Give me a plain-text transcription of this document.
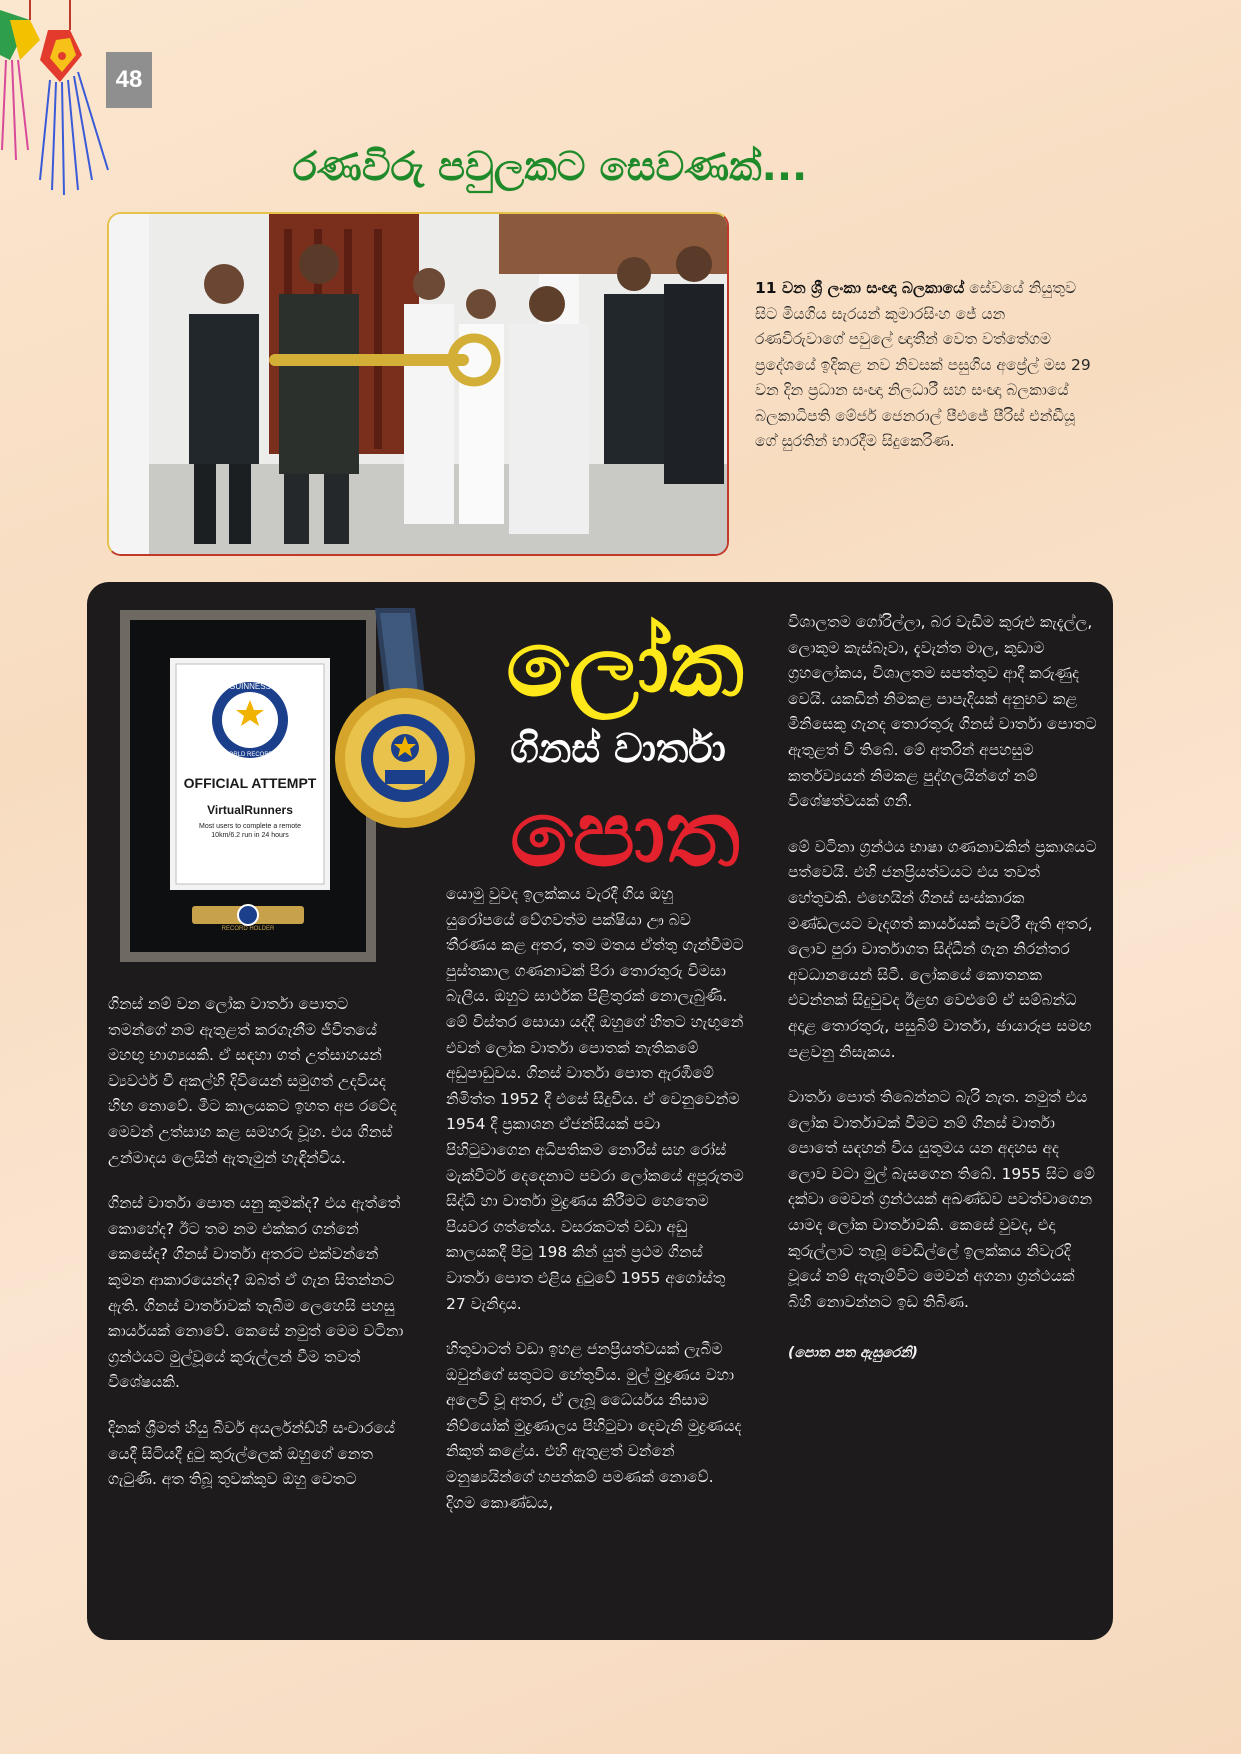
48
රණවිරු පවුලකට සෙවණක්...
11 වන ශ්‍රී ලංකා සංඥා බලකායේ සේවයේ නියුතුව සිට මියගිය සැරයන් කුමාරසිංහ ජේ යන රණවිරුවාගේ පවුලේ ඥාතීන් වෙත වත්තේගම ප්‍රදේශයේ ඉදිකළ නව නිවසක් පසුගිය අප්‍රේල් මස 29 වන දින ප්‍රධාන සංඥා නිලධාරී සහ සංඥා බලකායේ බලකාධිපති මේජර් ජෙනරාල් පීඑජේ පීරිස් එන්ඩීයූ ගේ සුරතින් භාරදීම සිදුකෙරිණ.
GUINNESS
WORLD RECORDS
OFFICIAL ATTEMPT
VirtualRunners
Most users to complete a remote 10km/6.2 run in 24 hours
RECORD HOLDER
ලෝක
ගිනස් වාර්තා
පොත

ගිනස් නම් වන ලෝක වාර්තා පොතට තමන්ගේ නම ඇතුළත් කරගැනීම ජීවිතයේ මහඟු භාග්‍යයකි. ඒ සඳහා ගත් උත්සාහයන් ව්‍යවර්ථ වී අකල්හි දිවියෙන් සමුගත් උදවියද හිඟ නොවේ. මීට කාලයකට ඉහත අප රටේද මෙවන් උත්සාහ කළ සමහරු වූහ. එය ගිනස් උන්මාදය ලෙසින් ඇතැමුන් හැඳින්විය.

ගිනස් වාර්තා පොත යනු කුමක්ද? එය ඇත්තේ කොහේද? ඊට තම නම එක්කර ගන්නේ කෙසේද? ගිනස් වාර්තා අතරට එක්වන්නේ කුමන ආකාරයෙන්ද? ඔබත් ඒ ගැන සිතන්නට ඇති. ගිනස් වාර්තාවක් තැබීම ලෙහෙසි පහසු කාර්යයක් නොවේ. කෙසේ නමුත් මෙම වටිනා ග්‍රන්ථයට මුල්වූයේ කුරුල්ලන් වීම තවත් විශේෂයකි.

දිනක් ශ්‍රීමත් හියු බීවර් අයර්ලන්ඩ්හි සංචාරයේ යෙදී සිටියදී දුටු කුරුල්ලෙක් ඔහුගේ නෙත ගැටුණි. අත තිබූ තුවක්කුව ඔහු වෙතට

යොමු වුවද ඉලක්කය වැරදී ගිය ඔහු යුරෝපයේ වේගවත්ම පක්ෂියා ඌ බව තීරණය කළ අතර, තම මතය ඒත්තු ගැන්වීමට පුස්තකාල ගණනාවක් පිරා තොරතුරු විමසා බැලීය. ඔහුට සාර්ථක පිළිතුරක් නොලැබුණි. මේ විස්තර සොයා යද්දී ඔහුගේ හිතට හැඟුනේ එවන් ලෝක වාර්තා පොතක් නැතිකමේ අඩුපාඩුවය. ගිනස් වාර්තා පොත ඇරඹීමේ නිමිත්ත 1952 දී එසේ සිදුවිය. ඒ වෙනුවෙන්ම 1954 දී ප්‍රකාශන ඒජන්සියක් පවා පිහිටුවාගෙන අධිපතිකම නොරිස් සහ රෝස් මැක්විටර් දෙදෙනාට පවරා ලෝකයේ අපූරුතම සිද්ධි හා වාර්තා මුද්‍රණය කිරීමට හෙතෙම පියවර ගත්තේය. වසරකටත් වඩා අඩු කාලයකදී පිටු 198 කින් යුත් ප්‍රථම ගිනස් වාර්තා පොත එළිය දුටුවේ 1955 අගෝස්තු 27 වැනිදාය.

හිතුවාටත් වඩා ඉහළ ජනප්‍රියත්වයක් ලැබීම ඔවුන්ගේ සතුටට හේතුවිය. මුල් මුද්‍රණය වහා අලෙවි වූ අතර, ඒ ලැබූ ධෛර්යය නිසාම නිව්යෝක් මුද්‍රණාලය පිහිටුවා දෙවැනි මුද්‍රණයද නිකුත් කළේය. එහි ඇතුළත් වන්නේ මනුෂ්‍යයින්ගේ හපන්කම් පමණක් නොවේ. දිගම කොණ්ඩය,

විශාලතම ගෝරිල්ලා, බර වැඩිම කුරුළු කැදැල්ල, ලොකුම කැස්බෑවා, දැවැන්ත මාල, කුඩාම ග්‍රහලෝකය, විශාලතම සපත්තුව ආදී කරුණුද වෙයි. යකඩින් නිමකළ පාපැදියක් අනුභව කළ මිනිසෙකු ගැනද තොරතුරු ගිනස් වාර්තා පොතට ඇතුළත් වී තිබේ. මේ අතරින් අපහසුම කර්තව්‍යයන් නිමකළ පුද්ගලයින්ගේ නම් විශේෂත්වයක් ගනී.

මේ වටිනා ග්‍රන්ථය භාෂා ගණනාවකින් ප්‍රකාශයට පත්වෙයි. එහි ජනප්‍රියත්වයට එය තවත් හේතුවකි. එහෙයින් ගිනස් සංස්කාරක මණ්ඩලයට වැදගත් කාර්යයක් පැවරී ඇති අතර, ලොව පුරා වාර්තාගත සිද්ධීන් ගැන නිරන්තර අවධානයෙන් සිටී. ලෝකයේ කොතනක එවන්නක් සිදුවුවද ඊළඟ වෙළුමේ ඒ සම්බන්ධ අදාළ තොරතුරු, පසුබිම් වාර්තා, ඡායාරූප සමඟ පළවනු නිසැකය.

වාර්තා පොත් තිබෙන්නට බැරි නැත. නමුත් එය ලෝක වාර්තාවක් වීමට නම් ගිනස් වාර්තා පොතේ සඳහන් විය යුතුමය යන අදහස අද ලොව වටා මුල් බැසගෙන තිබේ. 1955 සිට මේ දක්වා මෙවන් ග්‍රන්ථයක් අඛණ්ඩව පවත්වාගෙන යාමද ලෝක වාර්තාවකි. කෙසේ වුවද, එදා කුරුල්ලාට තැබූ වෙඩිල්ලේ ඉලක්කය නිවැරදි වූයේ නම් ඇතැම්විට මෙවන් අගනා ග්‍රන්ථයක් බිහි නොවන්නට ඉඩ තිබිණ.

(පොත පත ඇසුරෙනි)
